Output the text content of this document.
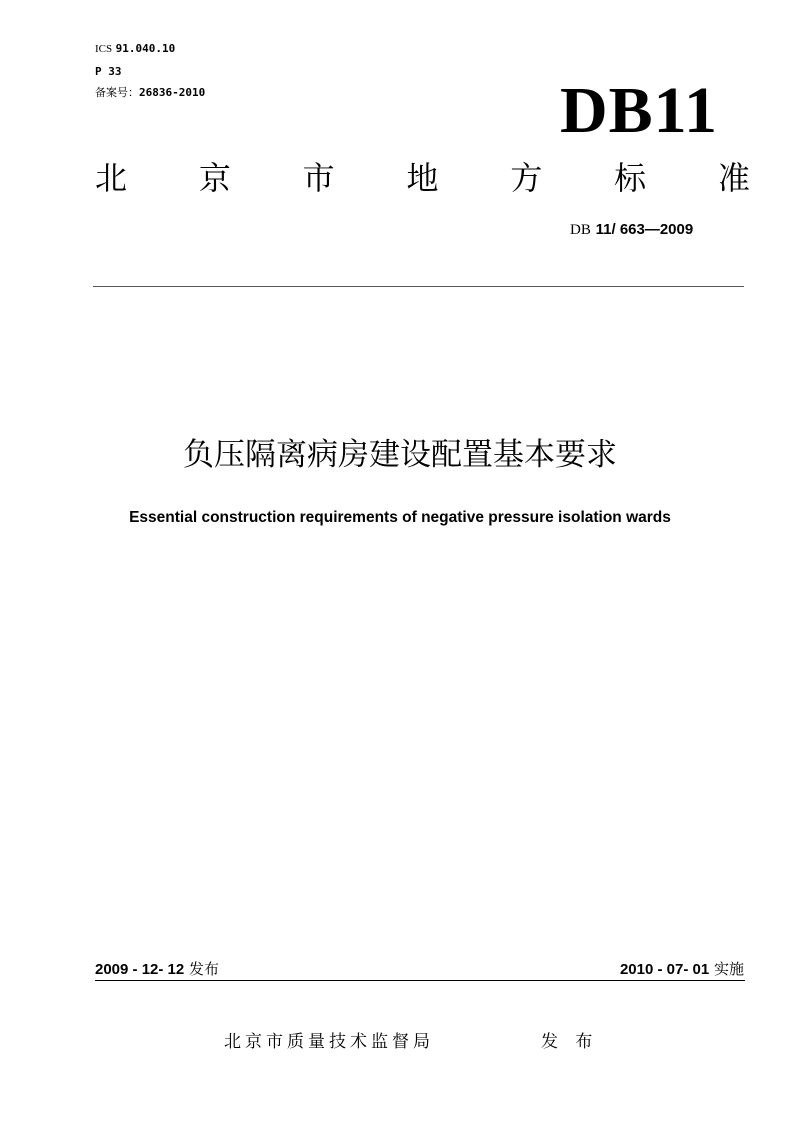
ICS 91.040.10
P 33
备案号：26836-2010	DB11
北 京 市 地 方 标 准
DB 11/ 663—2009
负压隔离病房建设配置基本要求
Essential construction requirements of negative pressure isolation wards
2009 - 12- 12 发布	2010 - 07- 01 实施
北京市质量技术监督局	发 布
